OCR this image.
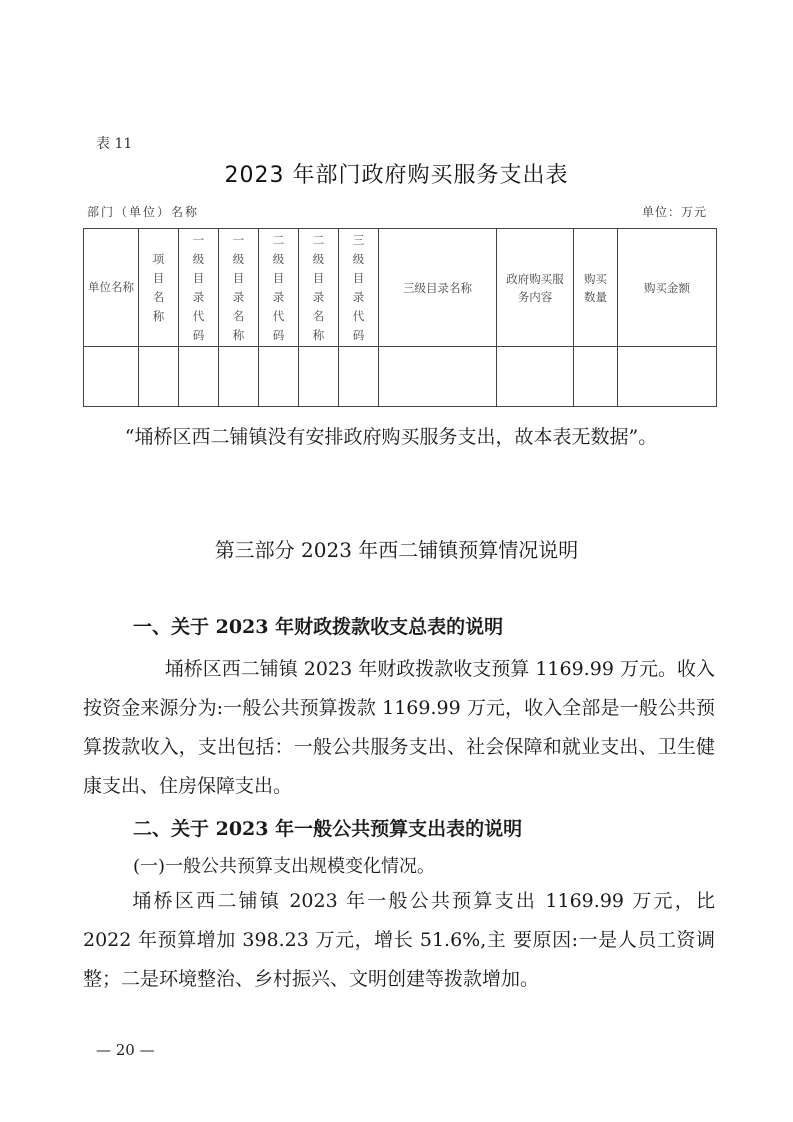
表 11
2023 年部门政府购买服务支出表
部门（单位）名称	单位：万元
单位名称	项目名称	一级目录代码	一级目录名称	二级目录代码	二级目录名称	三级目录代码	三级目录名称	政府购买服务内容	购买数量	购买金额

“埇桥区西二铺镇没有安排政府购买服务支出，故本表无数据”。
第三部分 2023 年西二铺镇预算情况说明
一、关于 2023 年财政拨款收支总表的说明
埇桥区西二铺镇 2023 年财政拨款收支预算 1169.99 万元。收入按资金来源分为:一般公共预算拨款 1169.99 万元，收入全部是一般公共预算拨款收入，支出包括：一般公共服务支出、社会保障和就业支出、卫生健康支出、住房保障支出。
二、关于 2023 年一般公共预算支出表的说明
(一)一般公共预算支出规模变化情况。
埇桥区西二铺镇 2023 年一般公共预算支出 1169.99 万元，比 2022 年预算增加 398.23 万元，增长 51.6%,主 要原因:一是人员工资调整；二是环境整治、乡村振兴、文明创建等拨款增加。
— 20 —
